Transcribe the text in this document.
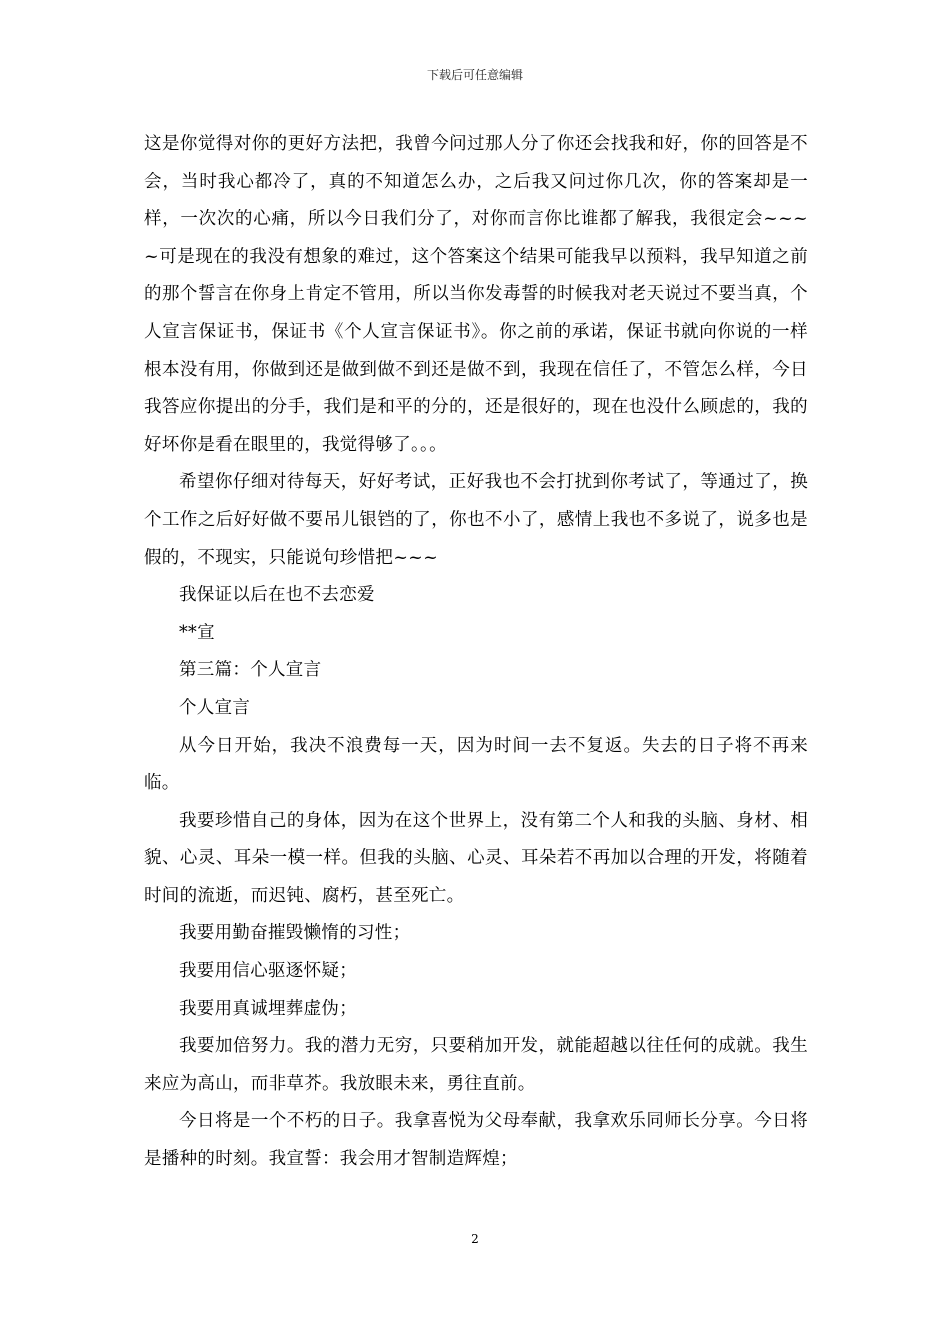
下载后可任意编辑

这是你觉得对你的更好方法把，我曾今问过那人分了你还会找我和好，你的回答是不会，当时我心都冷了，真的不知道怎么办，之后我又问过你几次，你的答案却是一样，一次次的心痛，所以今日我们分了，对你而言你比谁都了解我，我很定会~~~~可是现在的我没有想象的难过，这个答案这个结果可能我早以预料，我早知道之前的那个誓言在你身上肯定不管用，所以当你发毒誓的时候我对老天说过不要当真，个人宣言保证书，保证书《个人宣言保证书》。你之前的承诺，保证书就向你说的一样根本没有用，你做到还是做到做不到还是做不到，我现在信任了，不管怎么样，今日我答应你提出的分手，我们是和平的分的，还是很好的，现在也没什么顾虑的，我的好坏你是看在眼里的，我觉得够了。。。

希望你仔细对待每天，好好考试，正好我也不会打扰到你考试了，等通过了，换个工作之后好好做不要吊儿银铛的了，你也不小了，感情上我也不多说了，说多也是假的，不现实，只能说句珍惜把~~~

我保证以后在也不去恋爱

**宣

第三篇：个人宣言

个人宣言

从今日开始，我决不浪费每一天，因为时间一去不复返。失去的日子将不再来临。

我要珍惜自己的身体，因为在这个世界上，没有第二个人和我的头脑、身材、相貌、心灵、耳朵一模一样。但我的头脑、心灵、耳朵若不再加以合理的开发，将随着时间的流逝，而迟钝、腐朽，甚至死亡。

我要用勤奋摧毁懒惰的习性；

我要用信心驱逐怀疑；

我要用真诚埋葬虚伪；

我要加倍努力。我的潜力无穷，只要稍加开发，就能超越以往任何的成就。我生来应为高山，而非草芥。我放眼未来，勇往直前。

今日将是一个不朽的日子。我拿喜悦为父母奉献，我拿欢乐同师长分享。今日将是播种的时刻。我宣誓：我会用才智制造辉煌；

2
